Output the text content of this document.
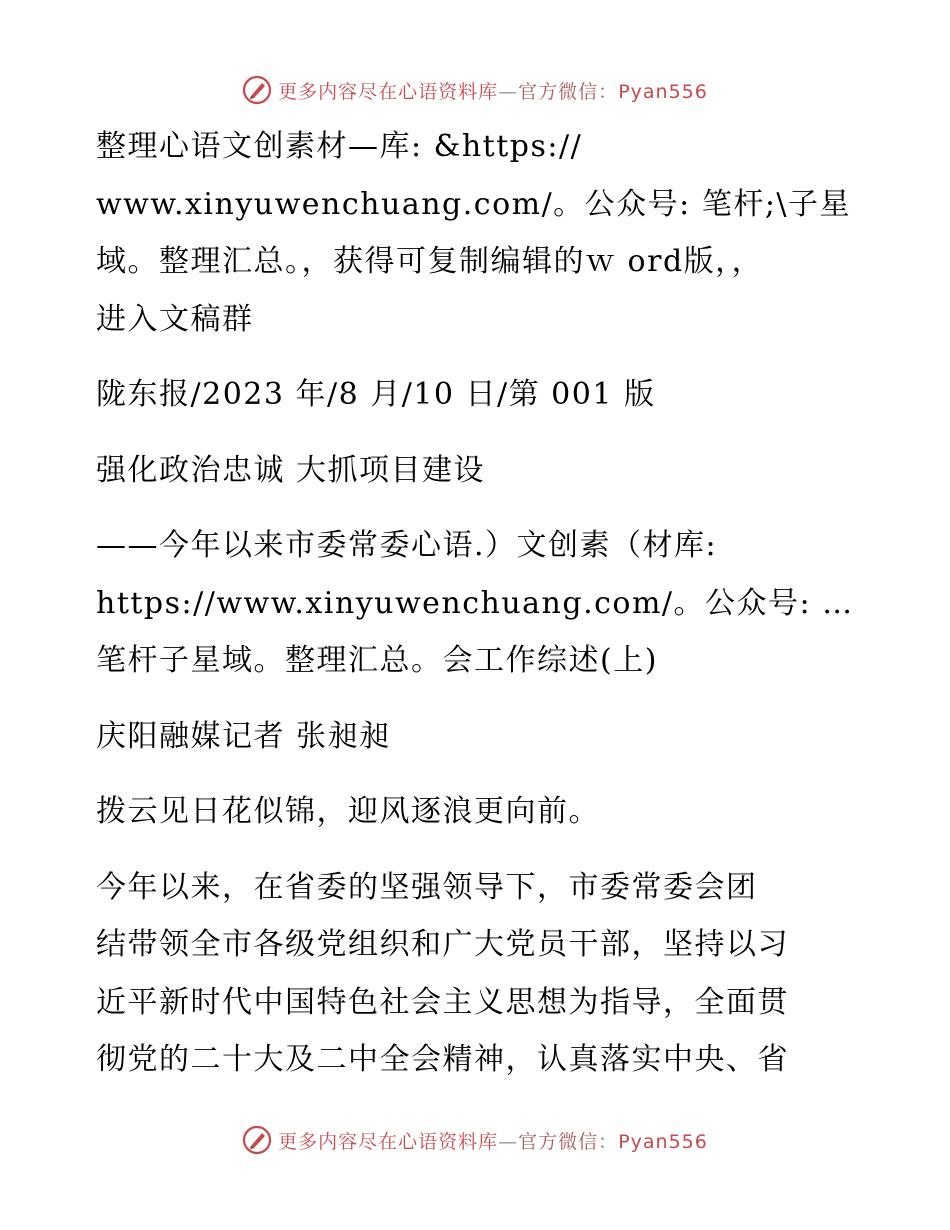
更多内容尽在心语资料库—官方微信：Pyan556
整理心语文创素材—库: &https://
www.xinyuwenchuang.com/。公众号: 笔杆;\子星
域。整理汇总。，获得可复制编辑的ｗ ord版，，
进入文稿群
陇东报/2023 年/8 月/10 日/第 001 版
强化政治忠诚 大抓项目建设
——今年以来市委常委心语.）文创素（材库:
https://www.xinyuwenchuang.com/。公众号: …
笔杆子星域。整理汇总。会工作综述(上)
庆阳融媒记者 张昶昶
拨云见日花似锦，迎风逐浪更向前。
今年以来，在省委的坚强领导下，市委常委会团
结带领全市各级党组织和广大党员干部，坚持以习
近平新时代中国特色社会主义思想为指导，全面贯
彻党的二十大及二中全会精神，认真落实中央、省
更多内容尽在心语资料库—官方微信：Pyan556
